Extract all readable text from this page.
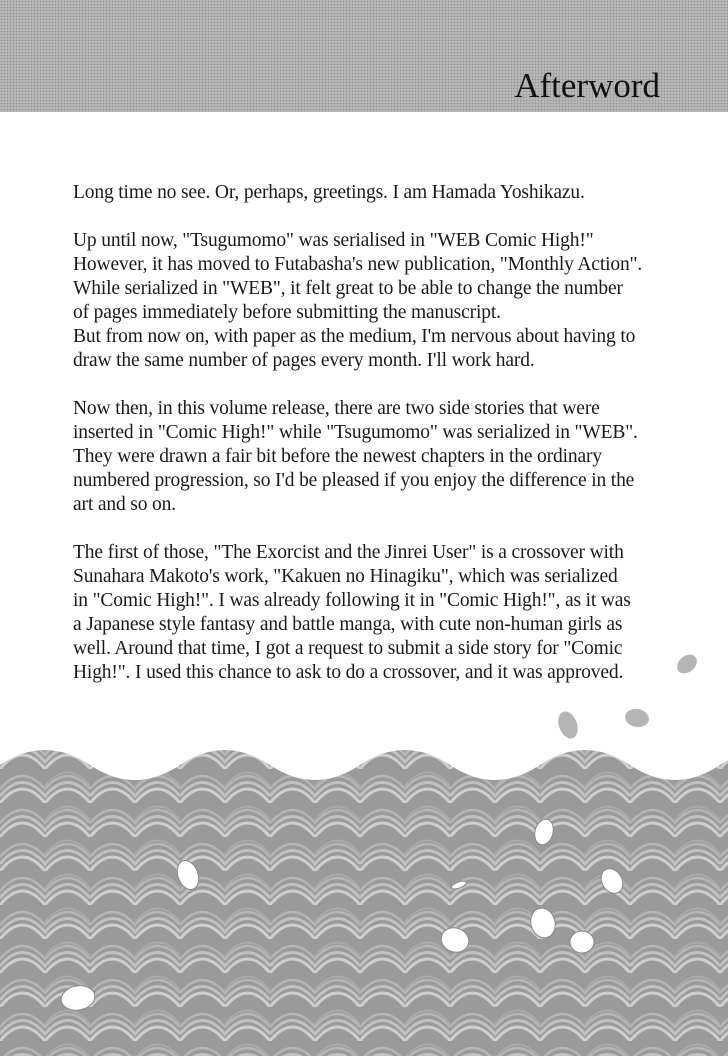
Afterword
Long time no see. Or, perhaps, greetings. I am Hamada Yoshikazu.
Up until now, "Tsugumomo" was serialised in "WEB Comic High!"
However, it has moved to Futabasha's new publication, "Monthly Action".
While serialized in "WEB", it felt great to be able to change the number
of pages immediately before submitting the manuscript.
But from now on, with paper as the medium, I'm nervous about having to
draw the same number of pages every month. I'll work hard.
Now then, in this volume release, there are two side stories that were
inserted in "Comic High!" while "Tsugumomo" was serialized in "WEB".
They were drawn a fair bit before the newest chapters in the ordinary
numbered progression, so I'd be pleased if you enjoy the difference in the
art and so on.
The first of those, "The Exorcist and the Jinrei User" is a crossover with
Sunahara Makoto's work, "Kakuen no Hinagiku", which was serialized
in "Comic High!". I was already following it in "Comic High!", as it was
a Japanese style fantasy and battle manga, with cute non-human girls as
well. Around that time, I got a request to submit a side story for "Comic
High!". I used this chance to ask to do a crossover, and it was approved.
